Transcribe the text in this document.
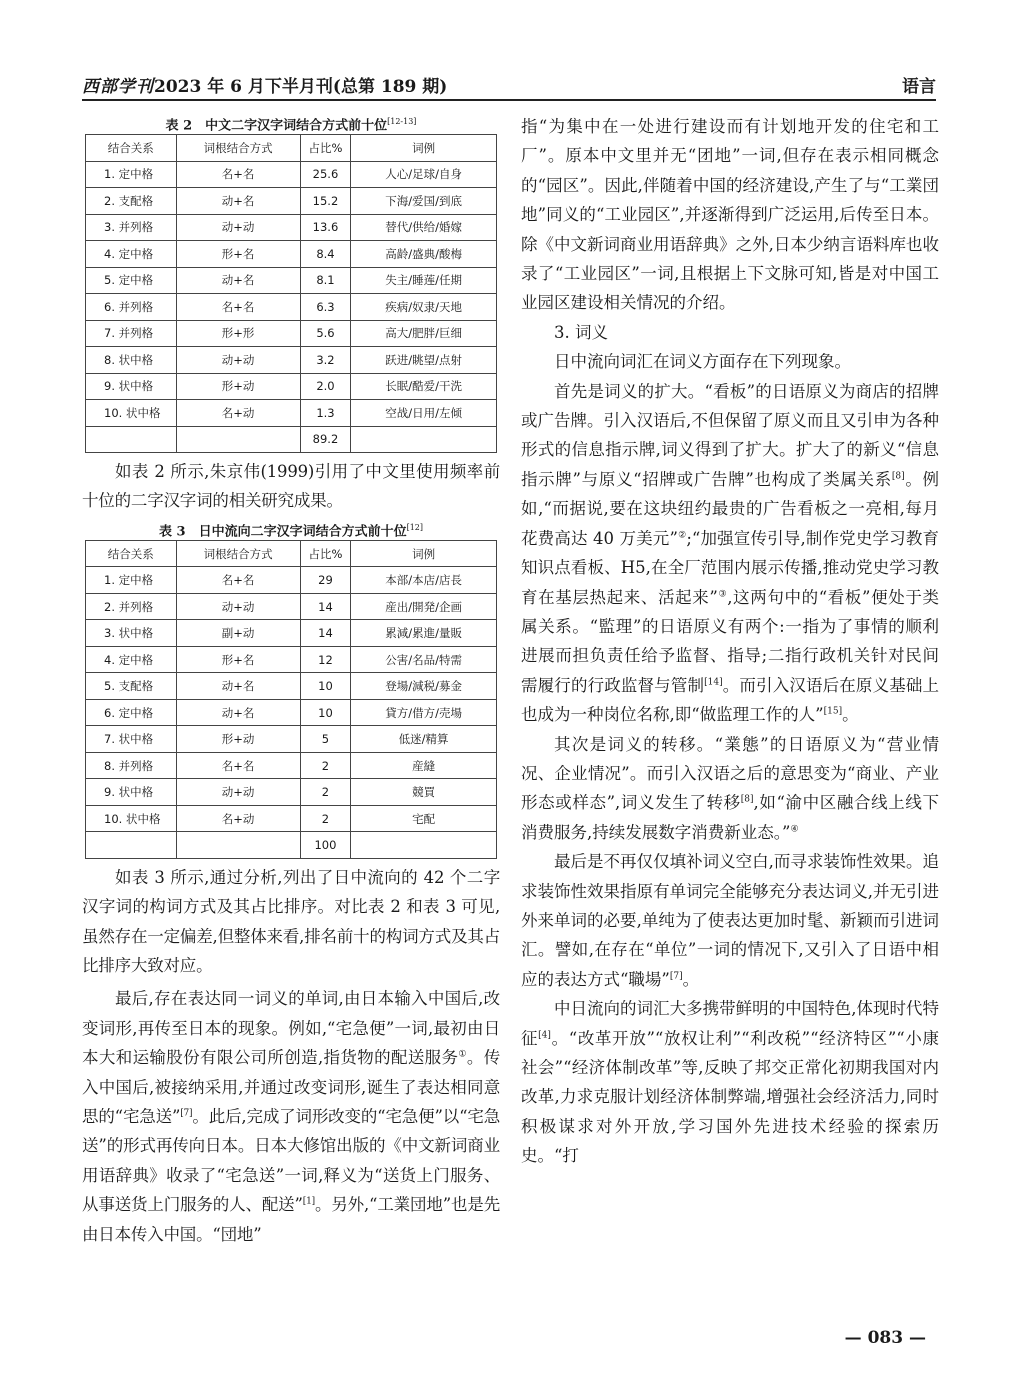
西部学刊2023 年 6 月下半月刊(总第 189 期)	语言
表 2　中文二字汉字词结合方式前十位[12-13]
结合关系	词根结合方式	占比%	词例
1. 定中格	名+名	25.6	人心/足球/自身
2. 支配格	动+名	15.2	下海/爱国/到底
3. 并列格	动+动	13.6	替代/供给/婚嫁
4. 定中格	形+名	8.4	高龄/盛典/酸梅
5. 定中格	动+名	8.1	失主/睡莲/任期
6. 并列格	名+名	6.3	疾病/奴隶/天地
7. 并列格	形+形	5.6	高大/肥胖/巨细
8. 状中格	动+动	3.2	跃进/眺望/点射
9. 状中格	形+动	2.0	长眠/酷爱/干洗
10. 状中格	名+动	1.3	空战/日用/左倾
		89.2	

如表 2 所示,朱京伟(1999)引用了中文里使用频率前十位的二字汉字词的相关研究成果。

表 3　日中流向二字汉字词结合方式前十位[12]
结合关系	词根结合方式	占比%	词例
1. 定中格	名+名	29	本部/本店/店長
2. 并列格	动+动	14	産出/開発/企画
3. 状中格	副+动	14	累減/累進/量販
4. 定中格	形+名	12	公害/名品/特需
5. 支配格	动+名	10	登場/減税/募金
6. 定中格	动+名	10	貸方/借方/売場
7. 状中格	形+动	5	低迷/精算
8. 并列格	名+名	2	産縫
9. 状中格	动+动	2	競買
10. 状中格	名+动	2	宅配
		100	

如表 3 所示,通过分析,列出了日中流向的 42 个二字汉字词的构词方式及其占比排序。对比表 2 和表 3 可见,虽然存在一定偏差,但整体来看,排名前十的构词方式及其占比排序大致对应。

最后,存在表达同一词义的单词,由日本输入中国后,改变词形,再传至日本的现象。例如,“宅急便”一词,最初由日本大和运输股份有限公司所创造,指货物的配送服务①。传入中国后,被接纳采用,并通过改变词形,诞生了表达相同意思的“宅急送”[7]。此后,完成了词形改变的“宅急便”以“宅急送”的形式再传向日本。日本大修馆出版的《中文新词商业用语辞典》收录了“宅急送”一词,释义为“送货上门服务、从事送货上门服务的人、配送”[1]。另外,“工業団地”也是先由日本传入中国。“団地”

指“为集中在一处进行建设而有计划地开发的住宅和工厂”。原本中文里并无“团地”一词,但存在表示相同概念的“园区”。因此,伴随着中国的经济建设,产生了与“工業団地”同义的“工业园区”,并逐渐得到广泛运用,后传至日本。除《中文新词商业用语辞典》之外,日本少纳言语料库也收录了“工业园区”一词,且根据上下文脉可知,皆是对中国工业园区建设相关情况的介绍。

3. 词义

日中流向词汇在词义方面存在下列现象。

首先是词义的扩大。“看板”的日语原义为商店的招牌或广告牌。引入汉语后,不但保留了原义而且又引申为各种形式的信息指示牌,词义得到了扩大。扩大了的新义“信息指示牌”与原义“招牌或广告牌”也构成了类属关系[8]。例如,“而据说,要在这块纽约最贵的广告看板之一亮相,每月花费高达 40 万美元”②;“加强宣传引导,制作党史学习教育知识点看板、H5,在全厂范围内展示传播,推动党史学习教育在基层热起来、活起来”③,这两句中的“看板”便处于类属关系。“監理”的日语原义有两个:一指为了事情的顺利进展而担负责任给予监督、指导;二指行政机关针对民间需履行的行政监督与管制[14]。而引入汉语后在原义基础上也成为一种岗位名称,即“做监理工作的人”[15]。

其次是词义的转移。“業態”的日语原义为“营业情况、企业情况”。而引入汉语之后的意思变为“商业、产业形态或样态”,词义发生了转移[8],如“渝中区融合线上线下消费服务,持续发展数字消费新业态。”④

最后是不再仅仅填补词义空白,而寻求装饰性效果。追求装饰性效果指原有单词完全能够充分表达词义,并无引进外来单词的必要,单纯为了使表达更加时髦、新颖而引进词汇。譬如,在存在“单位”一词的情况下,又引入了日语中相应的表达方式“職場”[7]。

中日流向的词汇大多携带鲜明的中国特色,体现时代特征[4]。“改革开放”“放权让利”“利改税”“经济特区”“小康社会”“经济体制改革”等,反映了邦交正常化初期我国对内改革,力求克服计划经济体制弊端,增强社会经济活力,同时积极谋求对外开放,学习国外先进技术经验的探索历史。“打

— 083 —
